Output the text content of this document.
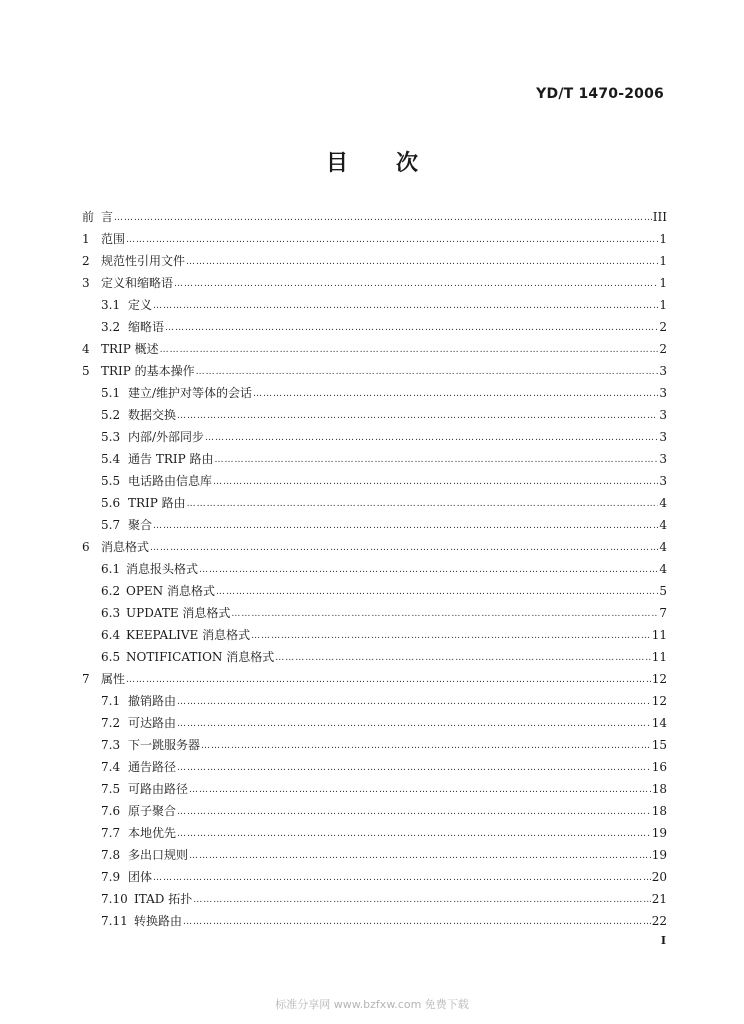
YD/T 1470-2006
目 次
前 言 ……………………………………………………………………………………………………………………………………………………………………………………………………………………………………	III
1 范围 ……………………………………………………………………………………………………………………………………………………………………………………………………………………………………	1
2 规范性引用文件 ……………………………………………………………………………………………………………………………………………………………………………………………………………………………………	1
3 定义和缩略语 ……………………………………………………………………………………………………………………………………………………………………………………………………………………………………	1
3.1 定义 ……………………………………………………………………………………………………………………………………………………………………………………………………………………………………	1
3.2 缩略语 ……………………………………………………………………………………………………………………………………………………………………………………………………………………………………	2
4 TRIP 概述 ……………………………………………………………………………………………………………………………………………………………………………………………………………………………………	2
5 TRIP 的基本操作 ……………………………………………………………………………………………………………………………………………………………………………………………………………………………………	3
5.1 建立/维护对等体的会话 ……………………………………………………………………………………………………………………………………………………………………………………………………………………………………	3
5.2 数据交换 ……………………………………………………………………………………………………………………………………………………………………………………………………………………………………	3
5.3 内部/外部同步 ……………………………………………………………………………………………………………………………………………………………………………………………………………………………………	3
5.4 通告 TRIP 路由 ……………………………………………………………………………………………………………………………………………………………………………………………………………………………………	3
5.5 电话路由信息库 ……………………………………………………………………………………………………………………………………………………………………………………………………………………………………	3
5.6 TRIP 路由 ……………………………………………………………………………………………………………………………………………………………………………………………………………………………………	4
5.7 聚合 ……………………………………………………………………………………………………………………………………………………………………………………………………………………………………	4
6 消息格式 ……………………………………………………………………………………………………………………………………………………………………………………………………………………………………	4
6.1 消息报头格式 ……………………………………………………………………………………………………………………………………………………………………………………………………………………………………	4
6.2 OPEN 消息格式 ……………………………………………………………………………………………………………………………………………………………………………………………………………………………………	5
6.3 UPDATE 消息格式 ……………………………………………………………………………………………………………………………………………………………………………………………………………………………………	7
6.4 KEEPALIVE 消息格式 ……………………………………………………………………………………………………………………………………………………………………………………………………………………………………	11
6.5 NOTIFICATION 消息格式 ……………………………………………………………………………………………………………………………………………………………………………………………………………………………………	11
7 属性 ……………………………………………………………………………………………………………………………………………………………………………………………………………………………………	12
7.1 撤销路由 ……………………………………………………………………………………………………………………………………………………………………………………………………………………………………	12
7.2 可达路由 ……………………………………………………………………………………………………………………………………………………………………………………………………………………………………	14
7.3 下一跳服务器 ……………………………………………………………………………………………………………………………………………………………………………………………………………………………………	15
7.4 通告路径 ……………………………………………………………………………………………………………………………………………………………………………………………………………………………………	16
7.5 可路由路径 ……………………………………………………………………………………………………………………………………………………………………………………………………………………………………	18
7.6 原子聚合 ……………………………………………………………………………………………………………………………………………………………………………………………………………………………………	18
7.7 本地优先 ……………………………………………………………………………………………………………………………………………………………………………………………………………………………………	19
7.8 多出口规则 ……………………………………………………………………………………………………………………………………………………………………………………………………………………………………	19
7.9 团体 ……………………………………………………………………………………………………………………………………………………………………………………………………………………………………	20
7.10 ITAD 拓扑 ……………………………………………………………………………………………………………………………………………………………………………………………………………………………………	21
7.11 转换路由 ……………………………………………………………………………………………………………………………………………………………………………………………………………………………………	22
I
标准分享网 www.bzfxw.com 免费下载
